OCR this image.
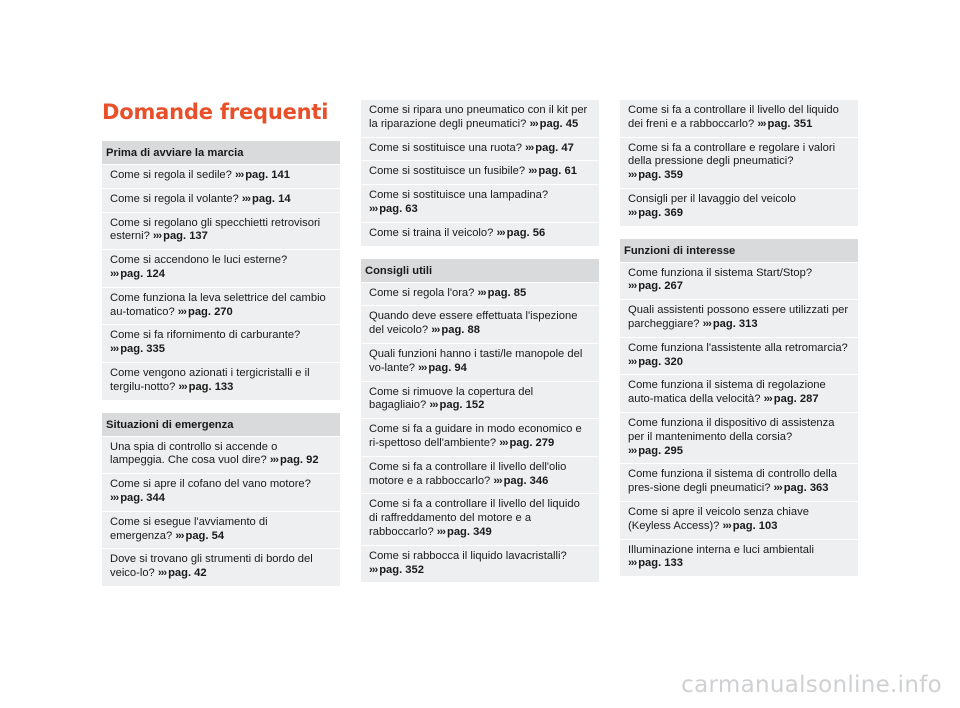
Domande frequenti
Prima di avviare la marcia
Come si regola il sedile? ››› pag. 141
Come si regola il volante? ››› pag. 14
Come si regolano gli specchietti retrovisori esterni? ››› pag. 137
Come si accendono le luci esterne? ››› pag. 124
Come funziona la leva selettrice del cambio au-tomatico? ››› pag. 270
Come si fa rifornimento di carburante? ››› pag. 335
Come vengono azionati i tergicristalli e il tergilu-notto? ››› pag. 133
Situazioni di emergenza
Una spia di controllo si accende o lampeggia. Che cosa vuol dire? ››› pag. 92
Come si apre il cofano del vano motore? ››› pag. 344
Come si esegue l'avviamento di emergenza? ››› pag. 54
Dove si trovano gli strumenti di bordo del veico-lo? ››› pag. 42
Come si ripara uno pneumatico con il kit per la riparazione degli pneumatici? ››› pag. 45
Come si sostituisce una ruota? ››› pag. 47
Come si sostituisce un fusibile? ››› pag. 61
Come si sostituisce una lampadina? ››› pag. 63
Come si traina il veicolo? ››› pag. 56
Consigli utili
Come si regola l'ora? ››› pag. 85
Quando deve essere effettuata l'ispezione del veicolo? ››› pag. 88
Quali funzioni hanno i tasti/le manopole del vo-lante? ››› pag. 94
Come si rimuove la copertura del bagagliaio? ››› pag. 152
Come si fa a guidare in modo economico e ri-spettoso dell'ambiente? ››› pag. 279
Come si fa a controllare il livello dell'olio motore e a rabboccarlo? ››› pag. 346
Come si fa a controllare il livello del liquido di raffreddamento del motore e a rabboccarlo? ››› pag. 349
Come si rabbocca il liquido lavacristalli? ››› pag. 352
Come si fa a controllare il livello del liquido dei freni e a rabboccarlo? ››› pag. 351
Come si fa a controllare e regolare i valori della pressione degli pneumatici? ››› pag. 359
Consigli per il lavaggio del veicolo ››› pag. 369
Funzioni di interesse
Come funziona il sistema Start/Stop? ››› pag. 267
Quali assistenti possono essere utilizzati per parcheggiare? ››› pag. 313
Come funziona l'assistente alla retromarcia? ››› pag. 320
Come funziona il sistema di regolazione auto-matica della velocità? ››› pag. 287
Come funziona il dispositivo di assistenza per il mantenimento della corsia? ››› pag. 295
Come funziona il sistema di controllo della pres-sione degli pneumatici? ››› pag. 363
Come si apre il veicolo senza chiave (Keyless Access)? ››› pag. 103
Illuminazione interna e luci ambientali ››› pag. 133
carmanualsonline.info
